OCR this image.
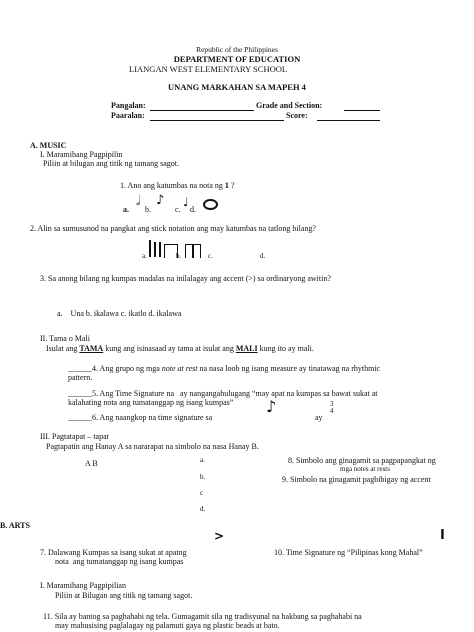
Republic of the Philippines
DEPARTMENT OF EDUCATION
LIANGAN WEST ELEMENTARY SCHOOL
UNANG MARKAHAN SA MAPEH 4
Pangalan:	Grade and Section:
Paaralan:	Score:
A. MUSIC
I. Maramihang Pagpipilin
Piliin at bilugan ang titik ng tamang sagot.
1. Ano ang katumbas na nota ng 1 ?
a.
𝅗𝅥
b.
♪
c.
♩
d.
2. Alin sa sumusunod na pangkat ang stick notation ang may katumbas na tatlong bilang?
a.	b.	c.	d.
3. Sa anong bilang ng kumpas madalas na inilalagay ang accent (>) sa ordinaryong awitin?
a.    Una b. ikalawa c. ikatlo d. ikalawa
II. Tama o Mali
Isulat ang TAMA kung ang isinasaad ay tama at isulat ang MALI kung ito ay mali.
______4. Ang grupo ng mga note at rest na nasa loob ng isang measure ay tinatawag na rhythmic
pattern.
______5. Ang Time Signature na   ay nangangahulugang “may apat na kumpas sa bawat sukat at
kalahating nota ang tumatanggap ng isang kumpas”
______6. Ang naangkop na time signature sa
♪
ay
3
4
III. Pagtatapat – tapat
Pagtapatin ang Hanay A sa nararapat na simbolo na nasa Hanay B.
A B	a.
b.
c
d.
8. Simbolo ang ginagamit sa pagpapangkat ng
mga notes at rests
9. Simbolo na ginagamit pagbibigay ng accent
B. ARTS
>	I
7. Dalawang Kumpas sa isang sukat at apatng
nota  ang tumatanggap ng isang kumpas
10. Time Signature ng “Pilipinas kong Mahal”
I. Maramihang Pagpipilian
Piliin at Bilugan ang titik ng tamang sagot.
11. Sila ay bantog sa paghahabi ng tela. Gumagamit sila ng tradisyunal na hakbang sa paghahabi na
may mabusising paglalagay ng palamuti gaya ng plastic beads at bato.
